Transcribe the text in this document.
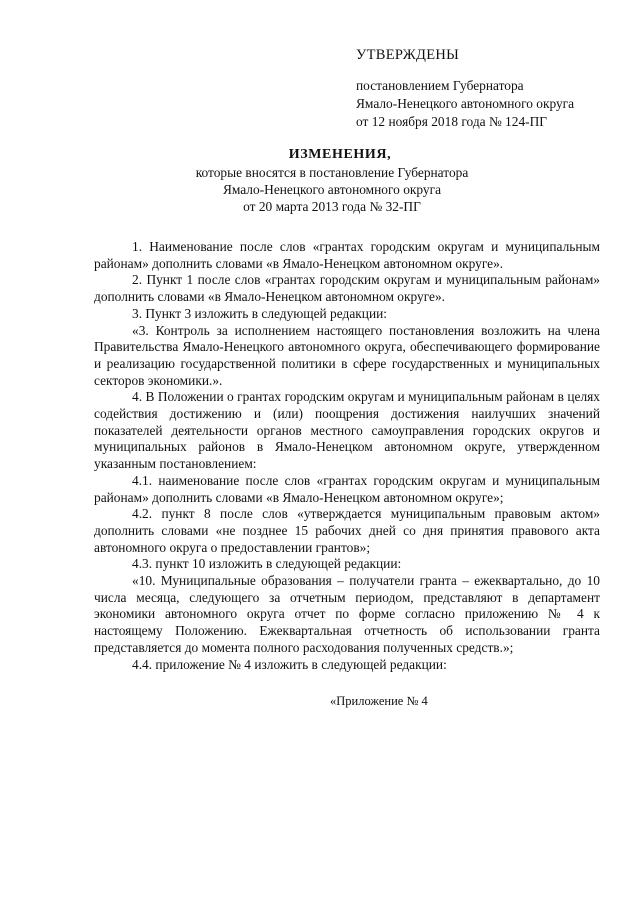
УТВЕРЖДЕНЫ
постановлением Губернатора
Ямало-Ненецкого автономного округа
от 12 ноября 2018 года № 124-ПГ
ИЗМЕНЕНИЯ,
которые вносятся в постановление Губернатора
Ямало-Ненецкого автономного округа
от 20 марта 2013 года № 32-ПГ

1. Наименование после слов «грантах городским округам и муниципальным районам» дополнить словами «в Ямало-Ненецком автономном округе».

2. Пункт 1 после слов «грантах городским округам и муниципальным районам» дополнить словами «в Ямало-Ненецком автономном округе».

3. Пункт 3 изложить в следующей редакции:

«3. Контроль за исполнением настоящего постановления возложить на члена Правительства Ямало-Ненецкого автономного округа, обеспечивающего формирование и реализацию государственной политики в сфере государственных и муниципальных секторов экономики.».

4. В Положении о грантах городским округам и муниципальным районам в целях содействия достижению и (или) поощрения достижения наилучших значений показателей деятельности органов местного самоуправления городских округов и муниципальных районов в Ямало-Ненецком автономном округе, утвержденном указанным постановлением:

4.1. наименование после слов «грантах городским округам и муниципальным районам» дополнить словами «в Ямало-Ненецком автономном округе»;

4.2. пункт 8 после слов «утверждается муниципальным правовым актом» дополнить словами «не позднее 15 рабочих дней со дня принятия правового акта автономного округа о предоставлении грантов»;

4.3. пункт 10 изложить в следующей редакции:

«10. Муниципальные образования – получатели гранта – ежеквартально, до 10 числа месяца, следующего за отчетным периодом, представляют в департамент экономики автономного округа отчет по форме согласно приложению № 4 к настоящему Положению. Ежеквартальная отчетность об использовании гранта представляется до момента полного расходования полученных средств.»;

4.4. приложение № 4 изложить в следующей редакции:

«Приложение № 4
